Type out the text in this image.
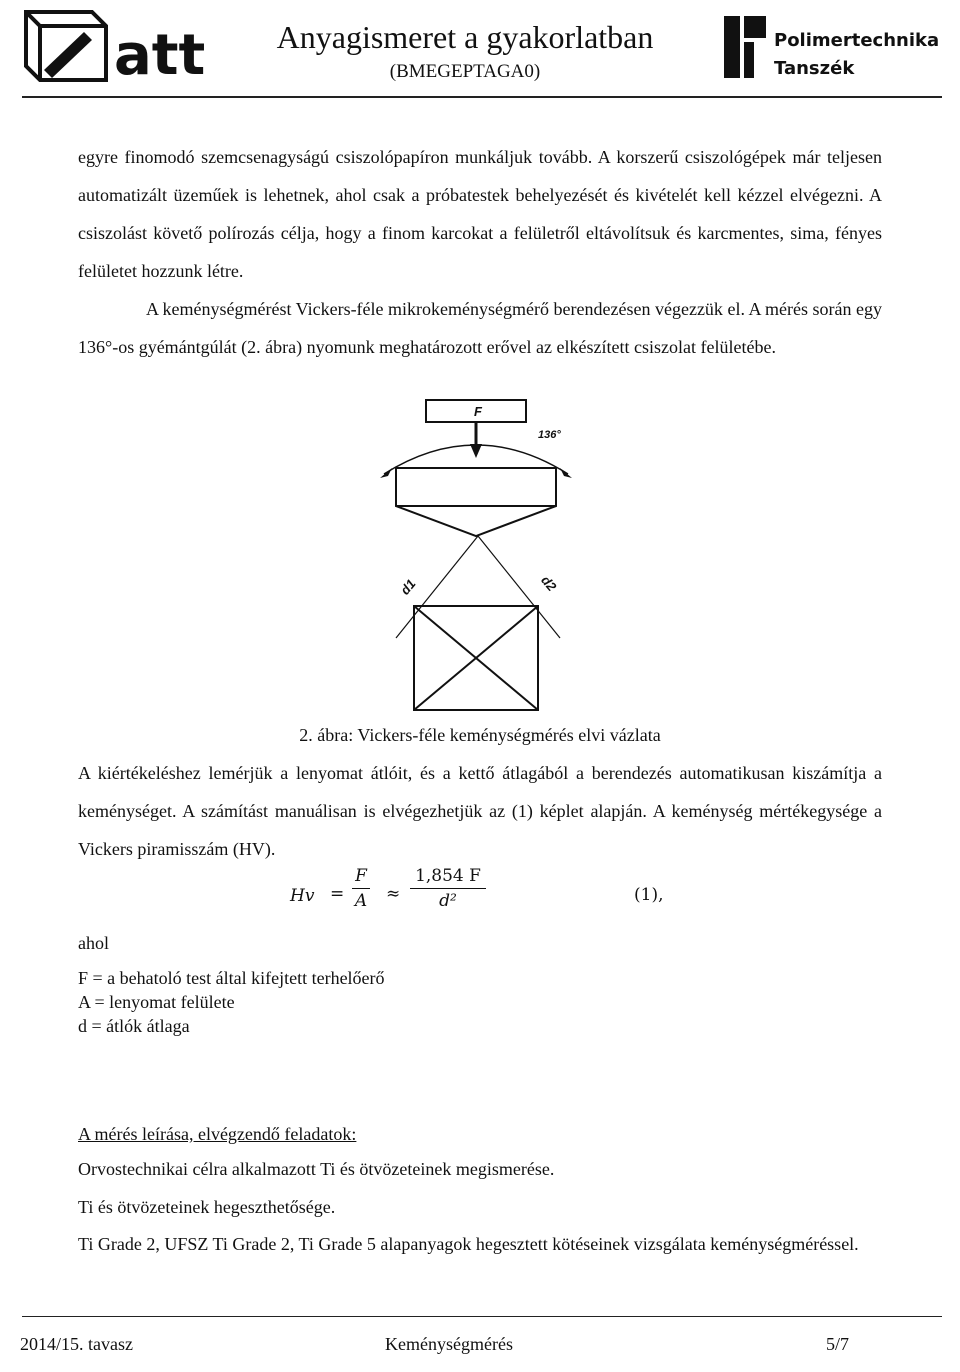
att	Anyagismeret a gyakorlatban
(BMEGEPTAGA0)
Polimertechnika
Tanszék
egyre finomodó szemcsenagyságú csiszolópapíron munkáljuk tovább. A korszerű csiszológépek már teljesen automatizált üzeműek is lehetnek, ahol csak a próbatestek behelyezését és kivételét kell kézzel elvégezni. A csiszolást követő polírozás célja, hogy a finom karcokat a felületről eltávolítsuk és karcmentes, sima, fényes felületet hozzunk létre.
A keménységmérést Vickers-féle mikrokeménységmérő berendezésen végezzük el. A mérés során egy 136°-os gyémántgúlát (2. ábra) nyomunk meghatározott erővel az elkészített csiszolat felületébe.
F
136°
d1	d2
2. ábra: Vickers-féle keménységmérés elvi vázlata
A kiértékeléshez lemérjük a lenyomat átlóit, és a kettő átlagából a berendezés automatikusan kiszámítja a keménységet. A számítást manuálisan is elvégezhetjük az (1) képlet alapján. A keménység mértékegysége a Vickers piramisszám (HV).
Hv =
F
A ≈
1,854 F
d²	(1),
ahol
F = a behatoló test által kifejtett terhelőerő
A = lenyomat felülete
d = átlók átlaga
A mérés leírása, elvégzendő feladatok:
Orvostechnikai célra alkalmazott Ti és ötvözeteinek megismerése.
Ti és ötvözeteinek hegeszthetősége.
Ti Grade 2, UFSZ Ti Grade 2, Ti Grade 5 alapanyagok hegesztett kötéseinek vizsgálata keménységméréssel.
2014/15. tavasz	Keménységmérés	5/7
